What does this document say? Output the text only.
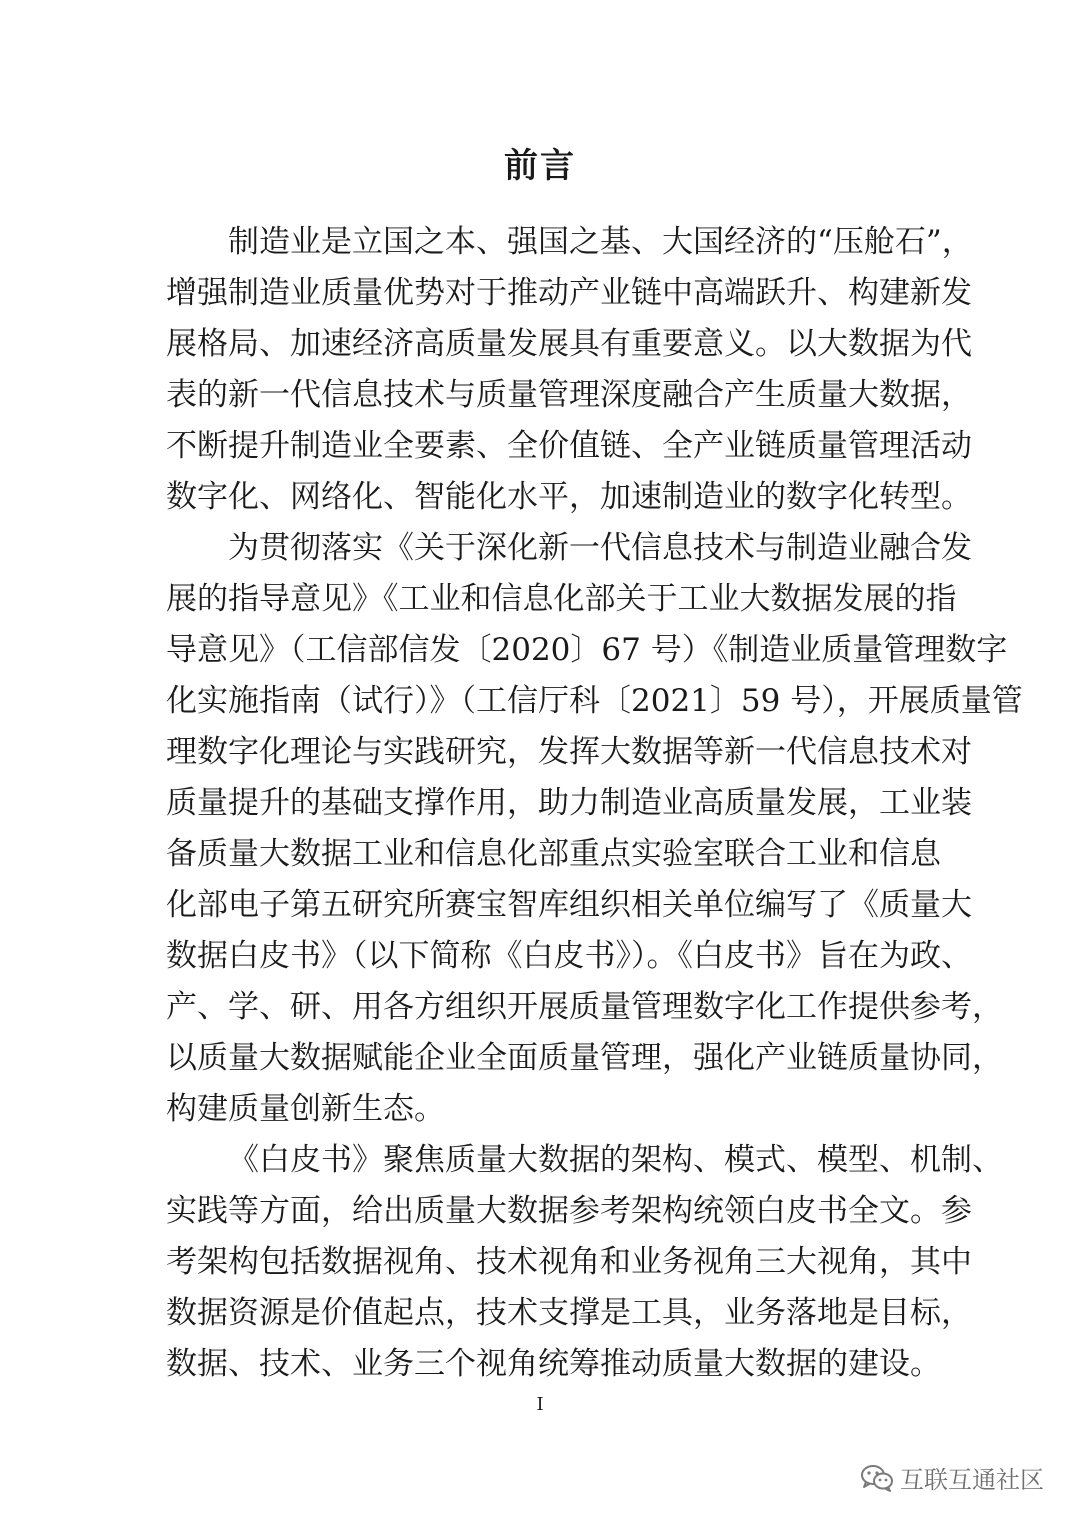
前言
制造业是立国之本、强国之基、大国经济的“压舱石”，
增强制造业质量优势对于推动产业链中高端跃升、构建新发
展格局、加速经济高质量发展具有重要意义。以大数据为代
表的新一代信息技术与质量管理深度融合产生质量大数据，
不断提升制造业全要素、全价值链、全产业链质量管理活动
数字化、网络化、智能化水平，加速制造业的数字化转型。
为贯彻落实《关于深化新一代信息技术与制造业融合发
展的指导意见》《工业和信息化部关于工业大数据发展的指
导意见》（工信部信发〔2020〕67 号）《制造业质量管理数字
化实施指南（试行）》（工信厅科〔2021〕59 号），开展质量管
理数字化理论与实践研究，发挥大数据等新一代信息技术对
质量提升的基础支撑作用，助力制造业高质量发展，工业装
备质量大数据工业和信息化部重点实验室联合工业和信息
化部电子第五研究所赛宝智库组织相关单位编写了《质量大
数据白皮书》（以下简称《白皮书》）。《白皮书》旨在为政、
产、学、研、用各方组织开展质量管理数字化工作提供参考，
以质量大数据赋能企业全面质量管理，强化产业链质量协同，
构建质量创新生态。
《白皮书》聚焦质量大数据的架构、模式、模型、机制、
实践等方面，给出质量大数据参考架构统领白皮书全文。参
考架构包括数据视角、技术视角和业务视角三大视角，其中
数据资源是价值起点，技术支撑是工具，业务落地是目标，
数据、技术、业务三个视角统筹推动质量大数据的建设。
I
互联互通社区
